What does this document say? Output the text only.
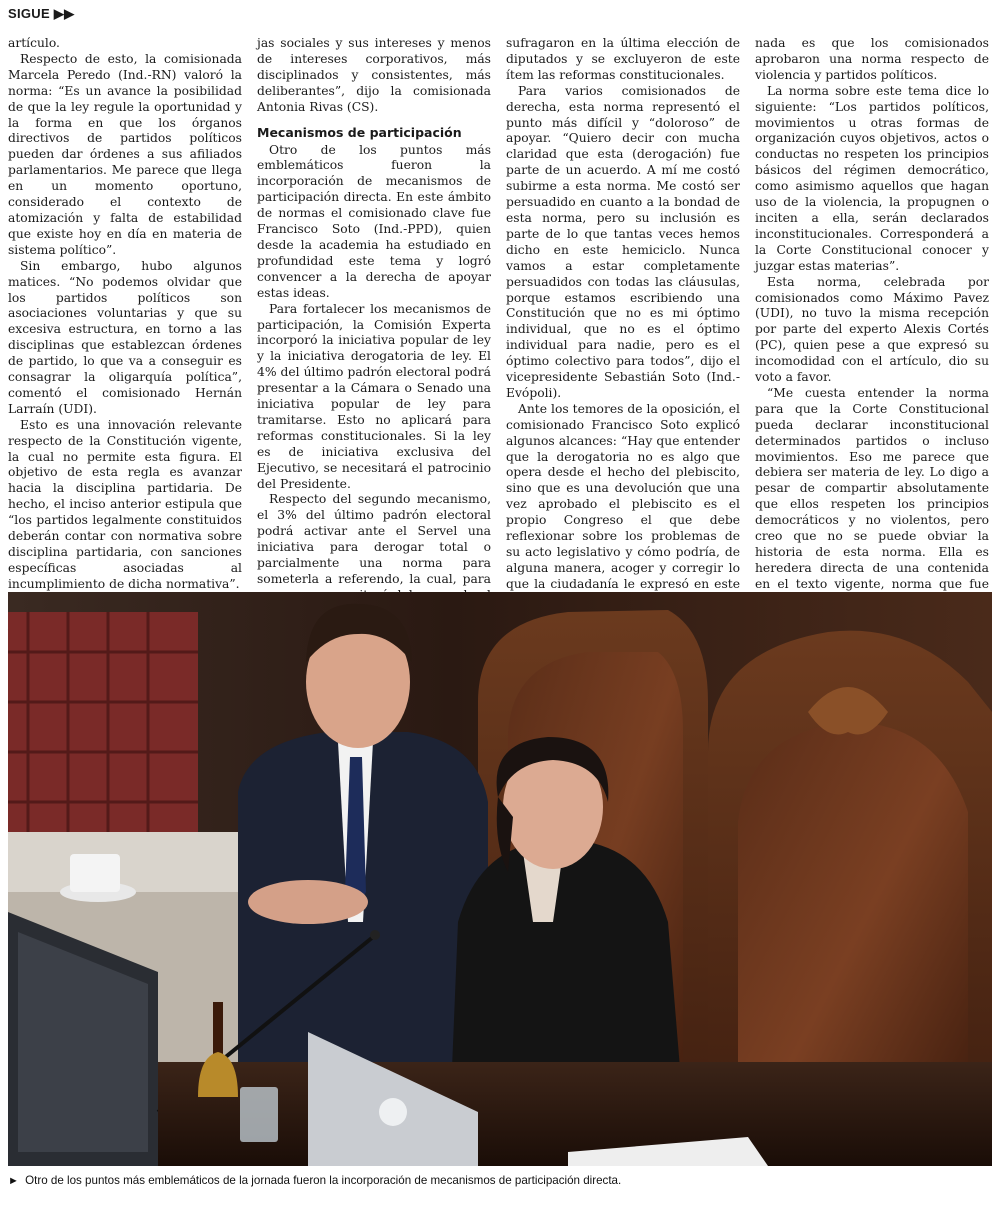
SIGUE ▶▶

artículo.

Respecto de esto, la comisionada Marcela Peredo (Ind.-RN) valoró la norma: “Es un avance la posibilidad de que la ley regule la oportunidad y la forma en que los órganos directivos de partidos políticos pueden dar órdenes a sus afiliados parlamentarios. Me parece que llega en un momento oportuno, considerado el contexto de atomización y falta de estabilidad que existe hoy en día en materia de sistema político”.

Sin embargo, hubo algunos matices. “No podemos olvidar que los partidos políticos son asociaciones voluntarias y que su excesiva estructura, en torno a las disciplinas que establezcan órdenes de partido, lo que va a conseguir es consagrar la oligarquía política”, comentó el comisionado Hernán Larraín (UDI).

Esto es una innovación relevante respecto de la Constitución vigente, la cual no permite esta figura. El objetivo de esta regla es avanzar hacia la disciplina partidaria. De hecho, el inciso anterior estipula que “los partidos legalmente constituidos deberán contar con normativa sobre disciplina partidaria, con sanciones específicas asociadas al incumplimiento de dicha normativa”.

jas sociales y sus intereses y menos de intereses corporativos, más disciplinados y consistentes, más deliberantes”, dijo la comisionada Antonia Rivas (CS).

Mecanismos de participación

Otro de los puntos más emblemáticos fueron la incorporación de mecanismos de participación directa. En este ámbito de normas el comisionado clave fue Francisco Soto (Ind.-PPD), quien desde la academia ha estudiado en profundidad este tema y logró convencer a la derecha de apoyar estas ideas.

Para fortalecer los mecanismos de participación, la Comisión Experta incorporó la iniciativa popular de ley y la iniciativa derogatoria de ley. El 4% del último padrón electoral podrá presentar a la Cámara o Senado una iniciativa popular de ley para tramitarse. Esto no aplicará para reformas constitucionales. Si la ley es de iniciativa exclusiva del Ejecutivo, se necesitará el patrocinio del Presidente.

Respecto del segundo mecanismo, el 3% del último padrón electoral podrá activar ante el Servel una iniciativa para derogar total o parcialmente una norma para someterla a referendo, la cual, para

sufragaron en la última elección de diputados y se excluyeron de este ítem las reformas constitucionales.

Para varios comisionados de derecha, esta norma representó el punto más difícil y “doloroso” de apoyar. “Quiero decir con mucha claridad que esta (derogación) fue parte de un acuerdo. A mí me costó subirme a esta norma. Me costó ser persuadido en cuanto a la bondad de esta norma, pero su inclusión es parte de lo que tantas veces hemos dicho en este hemiciclo. Nunca vamos a estar completamente persuadidos con todas las cláusulas, porque estamos escribiendo una Constitución que no es mi óptimo individual, que no es el óptimo individual para nadie, pero es el óptimo colectivo para todos”, dijo el vicepresidente Sebastián Soto (Ind.-Evópoli).

Ante los temores de la oposición, el comisionado Francisco Soto explicó algunos alcances: “Hay que entender que la derogatoria no es algo que opera desde el hecho del plebiscito, sino que es una devolución que una vez aprobado el plebiscito es el propio Congreso el que debe reflexionar sobre los problemas de su acto legislativo y cómo podría, de alguna manera, acoger y corregir lo que la ciudadanía le expresó en este

nada es que los comisionados aprobaron una norma respecto de violencia y partidos políticos.

La norma sobre este tema dice lo siguiente: “Los partidos políticos, movimientos u otras formas de organización cuyos objetivos, actos o conductas no respeten los principios básicos del régimen democrático, como asimismo aquellos que hagan uso de la violencia, la propugnen o inciten a ella, serán declarados inconstitucionales. Corresponderá a la Corte Constitucional conocer y juzgar estas materias”.

Esta norma, celebrada por comisionados como Máximo Pavez (UDI), no tuvo la misma recepción por parte del experto Alexis Cortés (PC), quien pese a que expresó su incomodidad con el artículo, dio su voto a favor.

“Me cuesta entender la norma para que la Corte Constitucional pueda declarar inconstitucional determinados partidos o incluso movimientos. Eso me parece que debiera ser materia de ley. Lo digo a pesar de compartir absolutamente que ellos respeten los principios democráticos y no violentos, pero creo que no se puede obviar la historia de esta norma. Ella es heredera directa de una contenida en el texto vigente, norma que fue

► Otro de los puntos más emblemáticos de la jornada fueron la incorporación de mecanismos de participación directa.
